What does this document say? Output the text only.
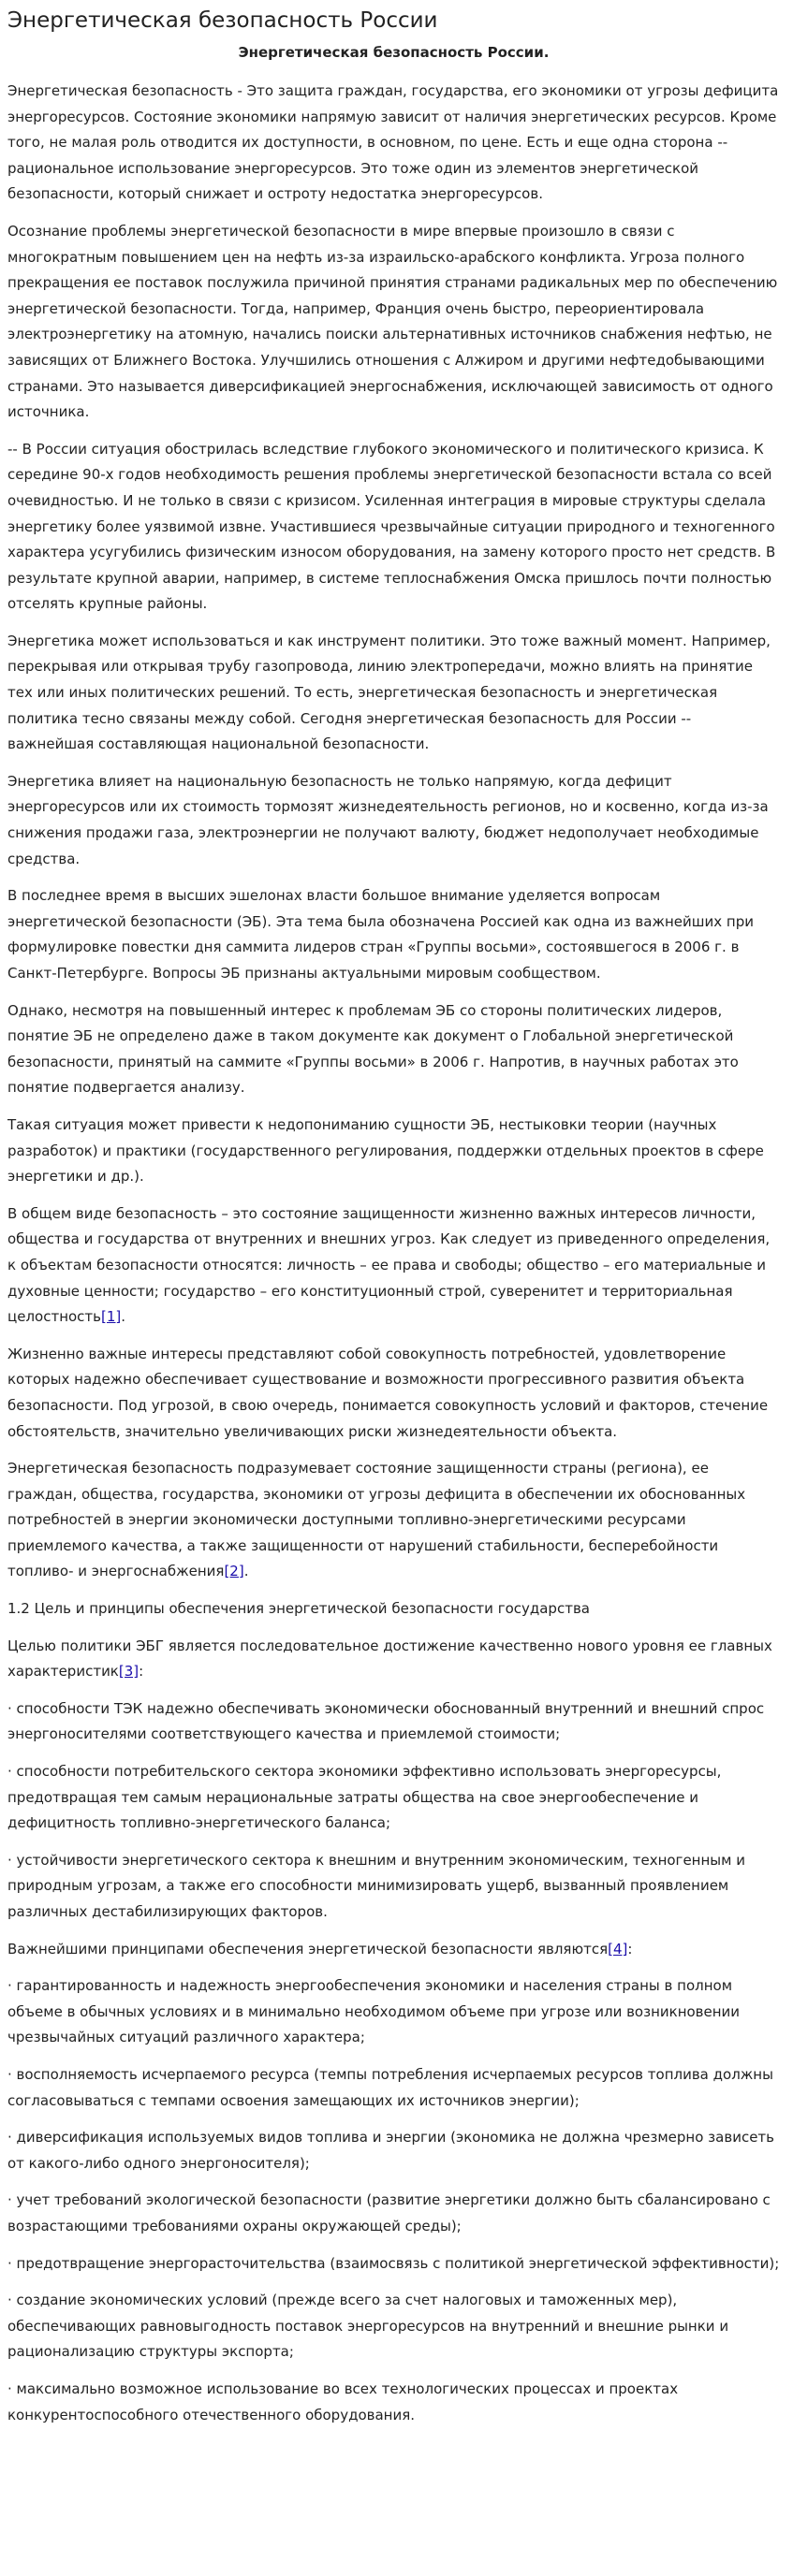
Энергетическая безопасность России
Энергетическая безопасность России.

Энергетическая безопасность - Это защита граждан, государства, его экономики от угрозы дефицита энергоресурсов. Состояние экономики напрямую зависит от наличия энергетических ресурсов. Кроме того, не малая роль отводится их доступности, в основном, по цене. Есть и еще одна сторона -- рациональное использование энергоресурсов. Это тоже один из элементов энергетической безопасности, который снижает и остроту недостатка энергоресурсов.

Осознание проблемы энергетической безопасности в мире впервые произошло в связи с многократным повышением цен на нефть из-за израильско-арабского конфликта. Угроза полного прекращения ее поставок послужила причиной принятия странами радикальных мер по обеспечению энергетической безопасности. Тогда, например, Франция очень быстро, переориентировала электроэнергетику на атомную, начались поиски альтернативных источников снабжения нефтью, не зависящих от Ближнего Востока. Улучшились отношения с Алжиром и другими нефтедобывающими странами. Это называется диверсификацией энергоснабжения, исключающей зависимость от одного источника.

-- В России ситуация обострилась вследствие глубокого экономического и политического кризиса. К середине 90-х годов необходимость решения проблемы энергетической безопасности встала со всей очевидностью. И не только в связи с кризисом. Усиленная интеграция в мировые структуры сделала энергетику более уязвимой извне. Участившиеся чрезвычайные ситуации природного и техногенного характера усугубились физическим износом оборудования, на замену которого просто нет средств. В результате крупной аварии, например, в системе теплоснабжения Омска пришлось почти полностью отселять крупные районы.

Энергетика может использоваться и как инструмент политики. Это тоже важный момент. Например, перекрывая или открывая трубу газопровода, линию электропередачи, можно влиять на принятие тех или иных политических решений. То есть, энергетическая безопасность и энергетическая политика тесно связаны между собой. Сегодня энергетическая безопасность для России -- важнейшая составляющая национальной безопасности.

Энергетика влияет на национальную безопасность не только напрямую, когда дефицит энергоресурсов или их стоимость тормозят жизнедеятельность регионов, но и косвенно, когда из-за снижения продажи газа, электроэнергии не получают валюту, бюджет недополучает необходимые средства.

В последнее время в высших эшелонах власти большое внимание уделяется вопросам энергетической безопасности (ЭБ). Эта тема была обозначена Россией как одна из важнейших при формулировке повестки дня саммита лидеров стран «Группы восьми», состоявшегося в 2006 г. в Санкт-Петербурге. Вопросы ЭБ признаны актуальными мировым сообществом.

Однако, несмотря на повышенный интерес к проблемам ЭБ со стороны политических лидеров, понятие ЭБ не определено даже в таком документе как документ о Глобальной энергетической безопасности, принятый на саммите «Группы восьми» в 2006 г. Напротив, в научных работах это понятие подвергается анализу.

Такая ситуация может привести к недопониманию сущности ЭБ, нестыковки теории (научных разработок) и практики (государственного регулирования, поддержки отдельных проектов в сфере энергетики и др.).

В общем виде безопасность – это состояние защищенности жизненно важных интересов личности, общества и государства от внутренних и внешних угроз. Как следует из приведенного определения, к объектам безопасности относятся: личность – ее права и свободы; общество – его материальные и духовные ценности; государство – его конституционный строй, суверенитет и территориальная целостность[1].

Жизненно важные интересы представляют собой совокупность потребностей, удовлетворение которых надежно обеспечивает существование и возможности прогрессивного развития объекта безопасности. Под угрозой, в свою очередь, понимается совокупность условий и факторов, стечение обстоятельств, значительно увеличивающих риски жизнедеятельности объекта.

Энергетическая безопасность подразумевает состояние защищенности страны (региона), ее граждан, общества, государства, экономики от угрозы дефицита в обеспечении их обоснованных потребностей в энергии экономически доступными топливно-энергетическими ресурсами приемлемого качества, а также защищенности от нарушений стабильности, бесперебойности топливо- и энергоснабжения[2].

1.2 Цель и принципы обеспечения энергетической безопасности государства

Целью политики ЭБГ является последовательное достижение качественно нового уровня ее главных характеристик[3]:

· способности ТЭК надежно обеспечивать экономически обоснованный внутренний и внешний спрос энергоносителями соответствующего качества и приемлемой стоимости;

· способности потребительского сектора экономики эффективно использовать энергоресурсы, предотвращая тем самым нерациональные затраты общества на свое энергообеспечение и дефицитность топливно-энергетического баланса;

· устойчивости энергетического сектора к внешним и внутренним экономическим, техногенным и природным угрозам, а также его способности минимизировать ущерб, вызванный проявлением различных дестабилизирующих факторов.

Важнейшими принципами обеспечения энергетической безопасности являются[4]:

· гарантированность и надежность энергообеспечения экономики и населения страны в полном объеме в обычных условиях и в минимально необходимом объеме при угрозе или возникновении чрезвычайных ситуаций различного характера;

· восполняемость исчерпаемого ресурса (темпы потребления исчерпаемых ресурсов топлива должны согласовываться с темпами освоения замещающих их источников энергии);

· диверсификация используемых видов топлива и энергии (экономика не должна чрезмерно зависеть от какого-либо одного энергоносителя);

· учет требований экологической безопасности (развитие энергетики должно быть сбалансировано с возрастающими требованиями охраны окружающей среды);

· предотвращение энергорасточительства (взаимосвязь с политикой энергетической эффективности);

· создание экономических условий (прежде всего за счет налоговых и таможенных мер), обеспечивающих равновыгодность поставок энергоресурсов на внутренний и внешние рынки и рационализацию структуры экспорта;

· максимально возможное использование во всех технологических процессах и проектах конкурентоспособного отечественного оборудования.
